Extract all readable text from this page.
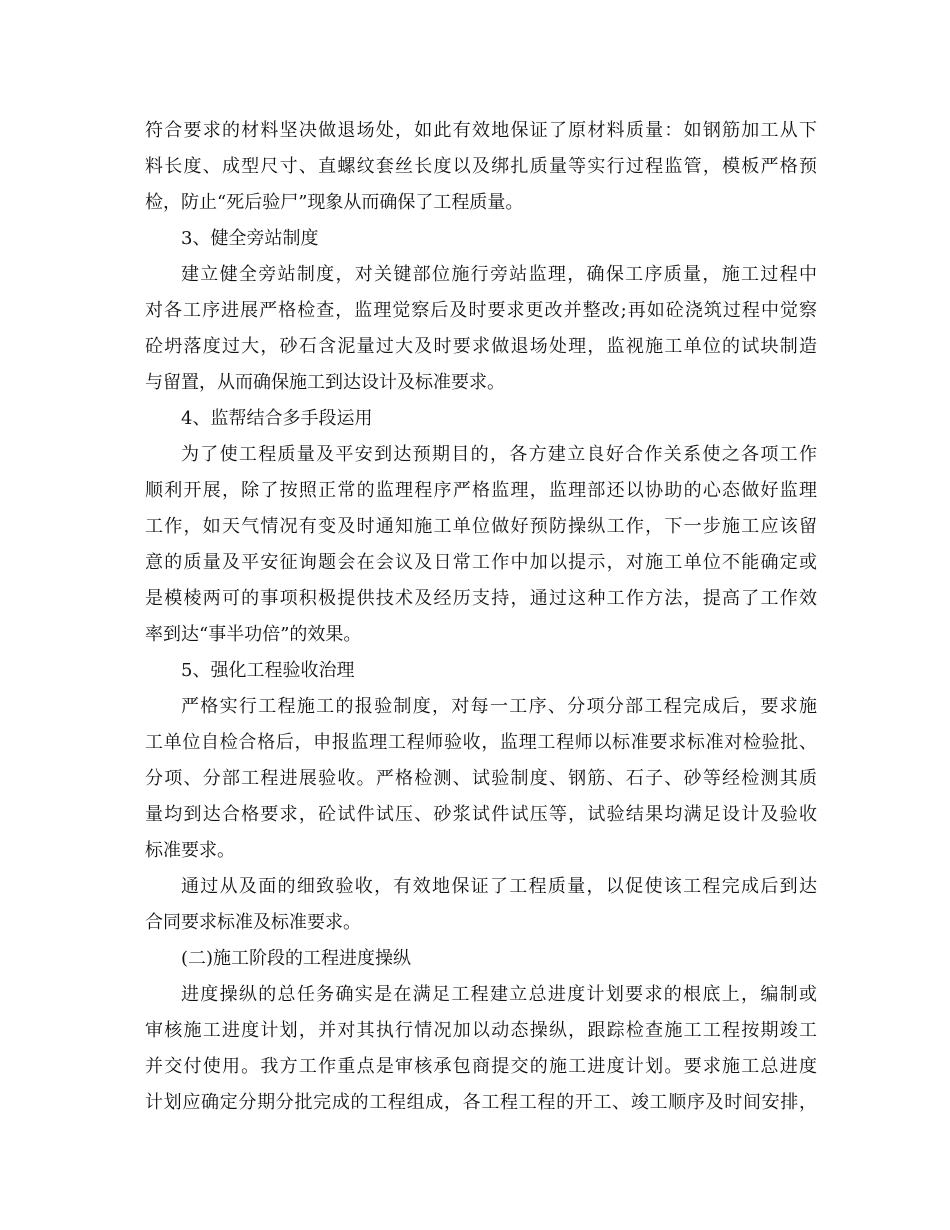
符合要求的材料坚决做退场处，如此有效地保证了原材料质量：如钢筋加工从下
料长度、成型尺寸、直螺纹套丝长度以及绑扎质量等实行过程监管，模板严格预
检，防止“死后验尸”现象从而确保了工程质量。
3、健全旁站制度
建立健全旁站制度，对关键部位施行旁站监理，确保工序质量，施工过程中
对各工序进展严格检查，监理觉察后及时要求更改并整改;再如砼浇筑过程中觉察
砼坍落度过大，砂石含泥量过大及时要求做退场处理，监视施工单位的试块制造
与留置，从而确保施工到达设计及标准要求。
4、监帮结合多手段运用
为了使工程质量及平安到达预期目的，各方建立良好合作关系使之各项工作
顺利开展，除了按照正常的监理程序严格监理，监理部还以协助的心态做好监理
工作，如天气情况有变及时通知施工单位做好预防操纵工作，下一步施工应该留
意的质量及平安征询题会在会议及日常工作中加以提示，对施工单位不能确定或
是模棱两可的事项积极提供技术及经历支持，通过这种工作方法，提高了工作效
率到达“事半功倍”的效果。
5、强化工程验收治理
严格实行工程施工的报验制度，对每一工序、分项分部工程完成后，要求施
工单位自检合格后，申报监理工程师验收，监理工程师以标准要求标准对检验批、
分项、分部工程进展验收。严格检测、试验制度、钢筋、石子、砂等经检测其质
量均到达合格要求，砼试件试压、砂浆试件试压等，试验结果均满足设计及验收
标准要求。
通过从及面的细致验收，有效地保证了工程质量，以促使该工程完成后到达
合同要求标准及标准要求。
(二)施工阶段的工程进度操纵
进度操纵的总任务确实是在满足工程建立总进度计划要求的根底上，编制或
审核施工进度计划，并对其执行情况加以动态操纵，跟踪检查施工工程按期竣工
并交付使用。我方工作重点是审核承包商提交的施工进度计划。要求施工总进度
计划应确定分期分批完成的工程组成，各工程工程的开工、竣工顺序及时间安排，
